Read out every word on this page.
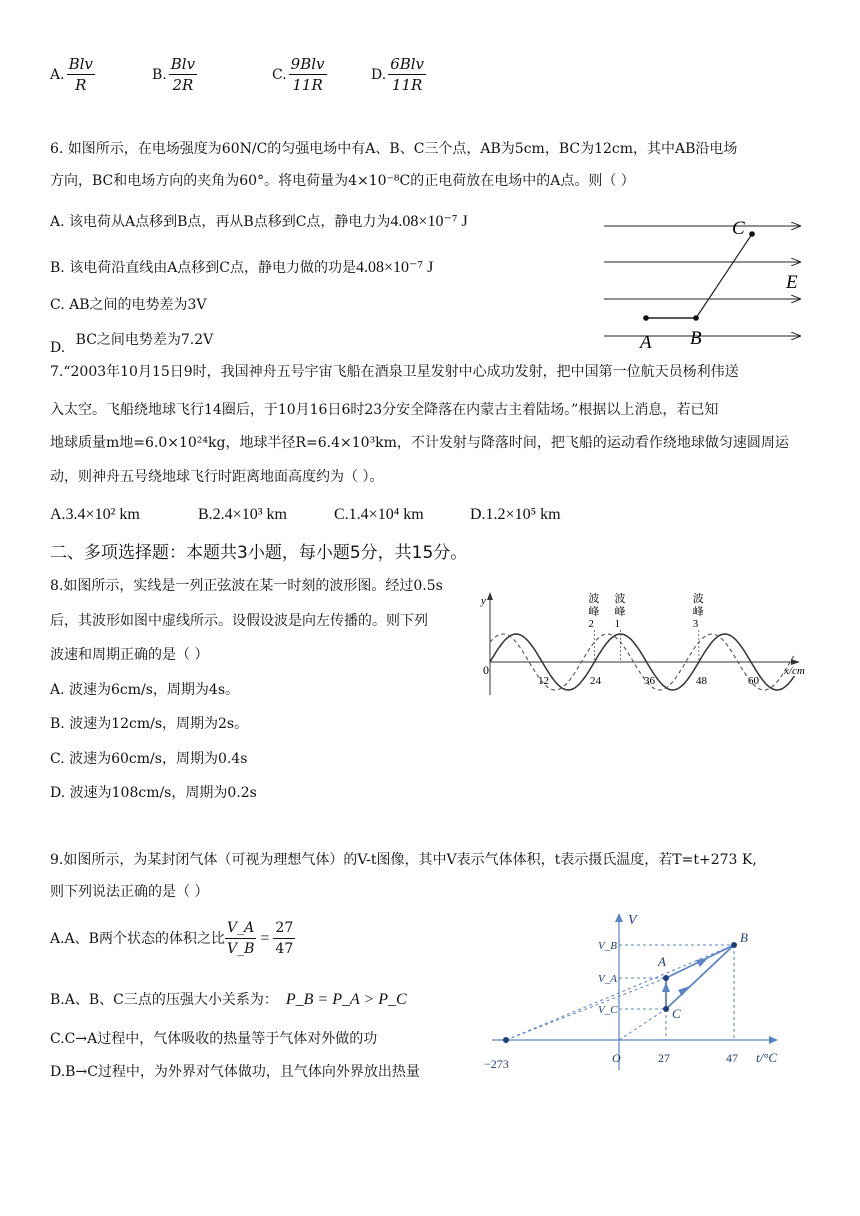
A. $\frac{\text{Blv}}{R}$	B. $\frac{\text{Blv}}{2R}$	C. $\frac{\text{9Blv}}{11R}$	D. $\frac{\text{6Blv}}{11R}$
6. 如图所示，在电场强度为60N/C的匀强电场中有A、B、C三个点，AB为5cm，BC为12cm，其中AB沿电场
方向，BC和电场方向的夹角为60°。将电荷量为4×10⁻⁸C的正电荷放在电场中的A点。则（ ）
A. 该电荷从A点移到B点，再从B点移到C点，静电力为4.08×10⁻⁷ J
B. 该电荷沿直线由A点移到C点，静电力做的功是4.08×10⁻⁷ J
C. AB之间的电势差为3V
D. BC之间电势差为7.2V
C
E
A B
7.“2003年10月15日9时，我国神舟五号宇宙飞船在酒泉卫星发射中心成功发射，把中国第一位航天员杨利伟送
入太空。飞船绕地球飞行14圈后，于10月16日6时23分安全降落在内蒙古主着陆场。”根据以上消息，若已知
地球质量m地=6.0×10²⁴kg，地球半径R=6.4×10³km，不计发射与降落时间，把飞船的运动看作绕地球做匀速圆周运
动，则神舟五号绕地球飞行时距离地面高度约为（ ）。
A.3.4×10² km	B.2.4×10³ km	C.1.4×10⁴ km	D.1.2×10⁵ km
二、多项选择题：本题共3小题，每小题5分，共15分。
8.如图所示，实线是一列正弦波在某一时刻的波形图。经过0.5s
后，其波形如图中虚线所示。设假设波是向左传播的。则下列
波速和周期正确的是（ ）
A. 波速为6cm/s，周期为4s。
B. 波速为12cm/s，周期为2s。
C. 波速为60cm/s，周期为0.4s
D. 波速为108cm/s，周期为0.2s
y
x/cm
0
12	24	36	48	60
波
峰
2
波
峰
1
波
峰
3
9.如图所示，为某封闭气体（可视为理想气体）的V-t图像，其中V表示气体体积，t表示摄氏温度，若T=t+273 K,
则下列说法正确的是（ ）
A.A、B两个状态的体积之比 $\frac{V\_A}{V\_B} = \frac{27}{47}$
B.A、B、C三点的压强大小关系为： P_B = P_A > P_C
C.C→A过程中，气体吸收的热量等于气体对外做的功
D.B→C过程中，为外界对气体做功，且气体向外界放出热量
V
t/°C
V_B
V_A
V_C
O
−273	27	47
A
B
C
